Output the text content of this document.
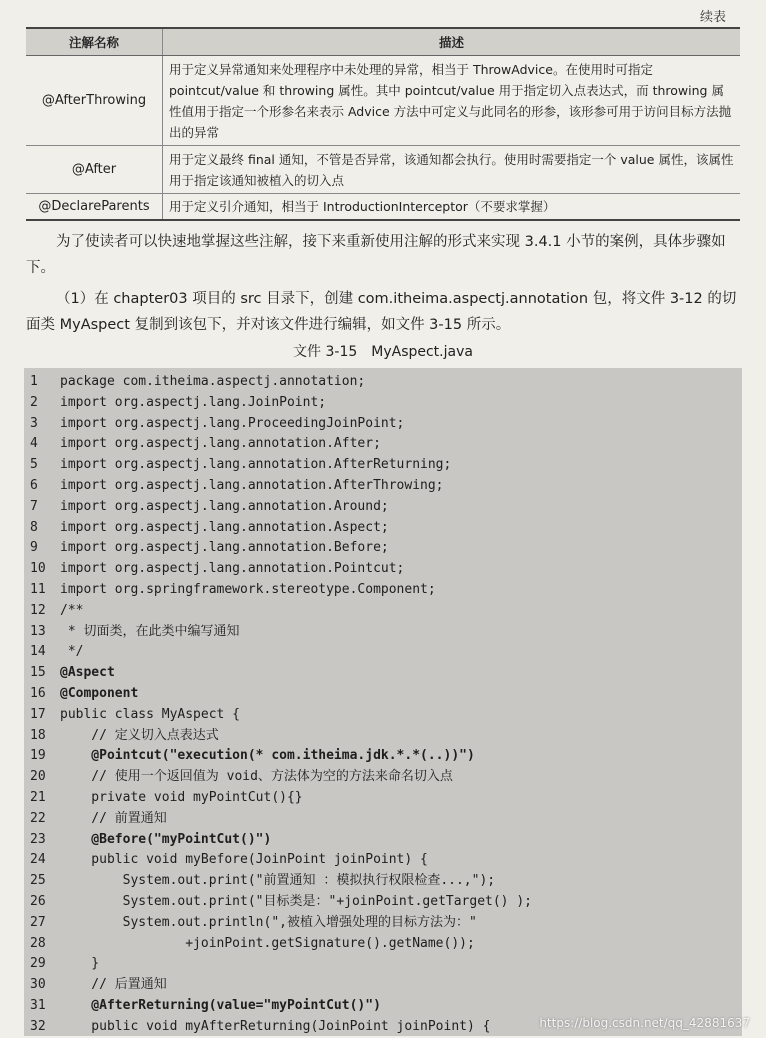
续表
注解名称	描述
@AfterThrowing	用于定义异常通知来处理程序中未处理的异常，相当于 ThrowAdvice。在使用时可指定 pointcut/value 和 throwing 属性。其中 pointcut/value 用于指定切入点表达式，而 throwing 属性值用于指定一个形参名来表示 Advice 方法中可定义与此同名的形参，该形参可用于访问目标方法抛出的异常
@After	用于定义最终 final 通知，不管是否异常，该通知都会执行。使用时需要指定一个 value 属性，该属性用于指定该通知被植入的切入点
@DeclareParents	用于定义引介通知，相当于 IntroductionInterceptor（不要求掌握）
为了使读者可以快速地掌握这些注解，接下来重新使用注解的形式来实现 3.4.1 小节的案例，具体步骤如下。
（1）在 chapter03 项目的 src 目录下，创建 com.itheima.aspectj.annotation 包，将文件 3-12 的切面类 MyAspect 复制到该包下，并对该文件进行编辑，如文件 3-15 所示。
文件 3-15　MyAspect.java
1 package com.itheima.aspectj.annotation;
2 import org.aspectj.lang.JoinPoint;
3 import org.aspectj.lang.ProceedingJoinPoint;
4 import org.aspectj.lang.annotation.After;
5 import org.aspectj.lang.annotation.AfterReturning;
6 import org.aspectj.lang.annotation.AfterThrowing;
7 import org.aspectj.lang.annotation.Around;
8 import org.aspectj.lang.annotation.Aspect;
9 import org.aspectj.lang.annotation.Before;
10 import org.aspectj.lang.annotation.Pointcut;
11 import org.springframework.stereotype.Component;
12 /**
13 * 切面类，在此类中编写通知
14 */
15 @Aspect
16 @Component
17 public class MyAspect {
18    // 定义切入点表达式
19    @Pointcut("execution(* com.itheima.jdk.*.*(..))")
20    // 使用一个返回值为 void、方法体为空的方法来命名切入点
21    private void myPointCut(){}
22    // 前置通知
23    @Before("myPointCut()")
24    public void myBefore(JoinPoint joinPoint) {
25        System.out.print("前置通知 ：模拟执行权限检查...,");
26        System.out.print("目标类是："+joinPoint.getTarget() );
27        System.out.println(",被植入增强处理的目标方法为："
28                +joinPoint.getSignature().getName());
29    }
30    // 后置通知
31    @AfterReturning(value="myPointCut()")
32    public void myAfterReturning(JoinPoint joinPoint) {	https://blog.csdn.net/qq_42881637
